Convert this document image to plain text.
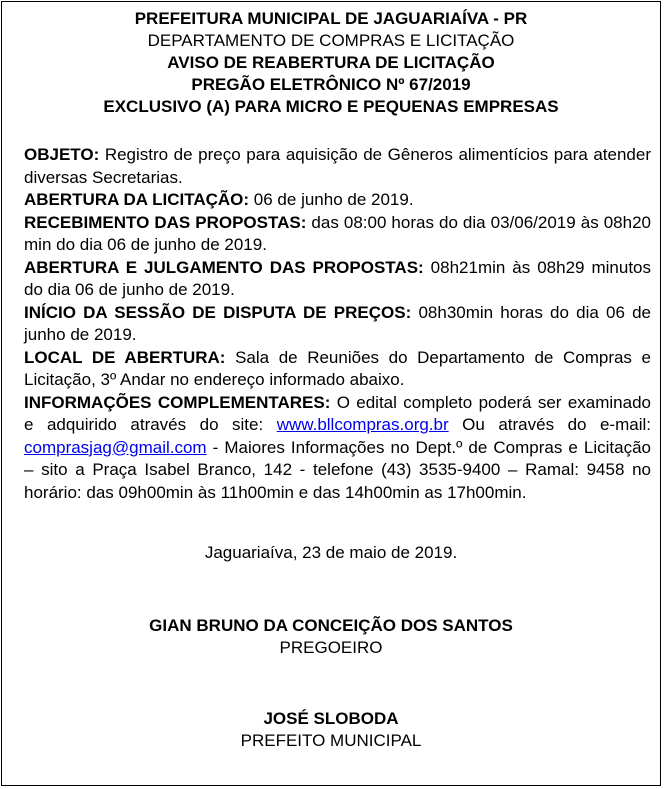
PREFEITURA MUNICIPAL DE JAGUARIAÍVA - PR
DEPARTAMENTO DE COMPRAS E LICITAÇÃO
AVISO DE REABERTURA DE LICITAÇÃO
PREGÃO ELETRÔNICO Nº 67/2019
EXCLUSIVO (A) PARA MICRO E PEQUENAS EMPRESAS

OBJETO: Registro de preço para aquisição de Gêneros alimentícios para atender diversas Secretarias.

ABERTURA DA LICITAÇÃO: 06 de junho de 2019.

RECEBIMENTO DAS PROPOSTAS: das 08:00 horas do dia 03/06/2019 às 08h20 min do dia 06 de junho de 2019.

ABERTURA E JULGAMENTO DAS PROPOSTAS: 08h21min às 08h29 minutos do dia 06 de junho de 2019.

INÍCIO DA SESSÃO DE DISPUTA DE PREÇOS: 08h30min horas do dia 06 de junho de 2019.

LOCAL DE ABERTURA: Sala de Reuniões do Departamento de Compras e Licitação, 3º Andar no endereço informado abaixo.

INFORMAÇÕES COMPLEMENTARES: O edital completo poderá ser examinado e adquirido através do site: www.bllcompras.org.br Ou através do e-mail: comprasjag@gmail.com - Maiores Informações no Dept.º de Compras e Licitação – sito a Praça Isabel Branco, 142 - telefone (43) 3535-9400 – Ramal: 9458 no horário: das 09h00min às 11h00min e das 14h00min as 17h00min.

Jaguariaíva, 23 de maio de 2019.
GIAN BRUNO DA CONCEIÇÃO DOS SANTOS
PREGOEIRO
JOSÉ SLOBODA
PREFEITO MUNICIPAL
